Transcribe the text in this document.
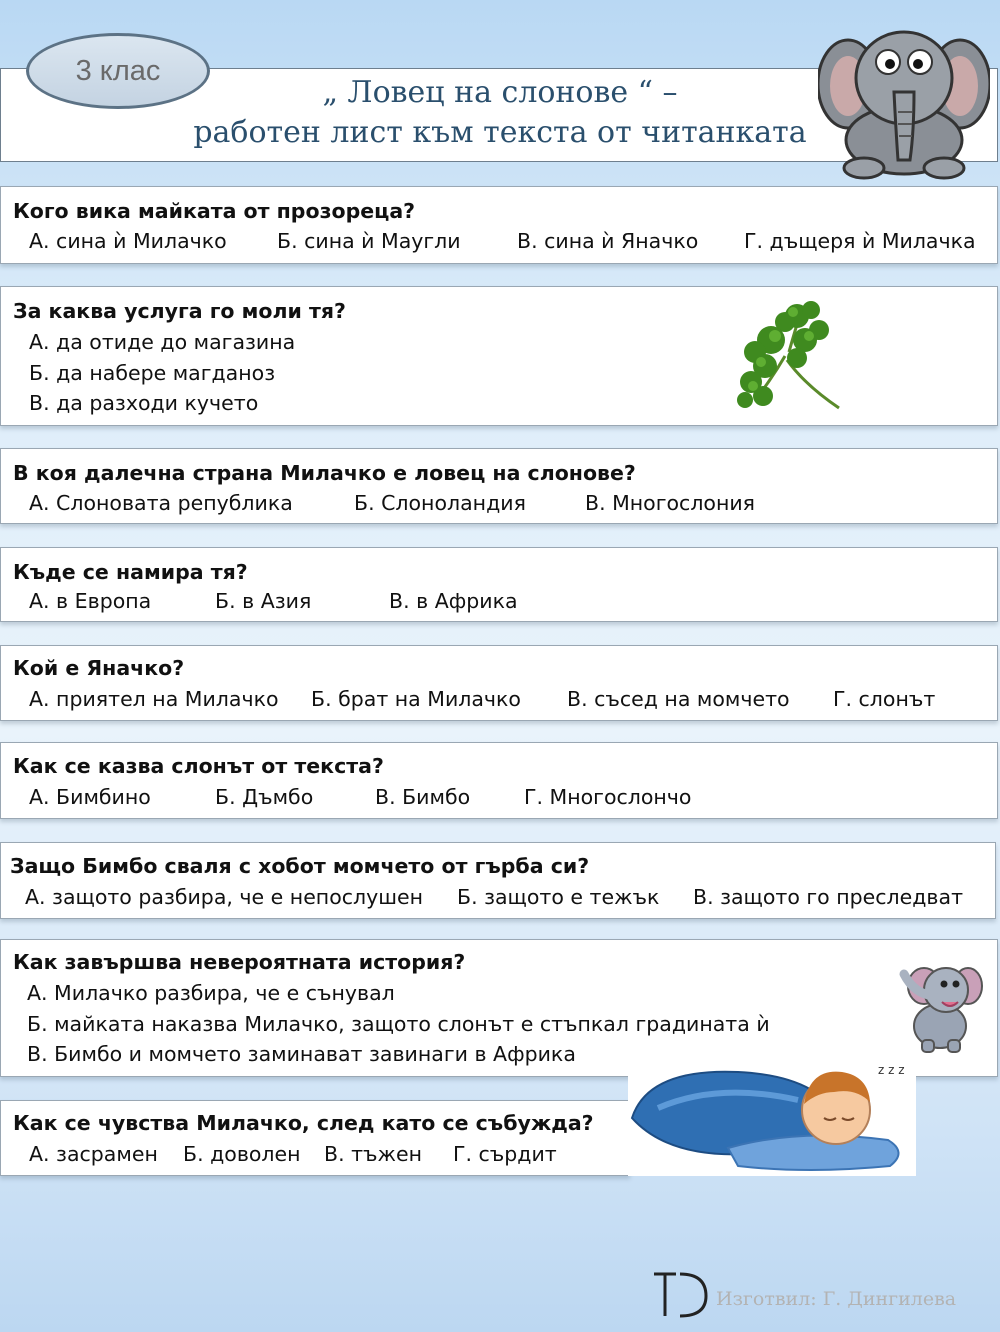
3 клас
„ Ловец на слонове “ –
работен лист към текста от читанката
Кого вика майката от прозореца?
А. сина ѝ Милачко Б. сина ѝ Маугли	В. сина ѝ Яначко Г. дъщеря ѝ Милачка
За каква услуга го моли тя?
А. да отиде до магазина
Б. да набере магданоз
В. да разходи кучето
В коя далечна страна Милачко е ловец на слонове?
А. Слоновата република	Б. Слоноландия	В. Многослония
Къде се намира тя?
А. в Европа	Б. в Азия	В. в Африка
Кой е Яначко?
А. приятел на Милачко Б. брат на Милачко В. съсед на момчето Г. слонът
Как се казва слонът от текста?
А. Бимбино	Б. Дъмбо	В. Бимбо	Г. Многослончо
Защо Бимбо сваля с хобот момчето от гърба си?
А. защото разбира, че е непослушен Б. защото е тежък В. защото го преследват
Как завършва невероятната история?
А. Милачко разбира, че е сънувал
Б. майката наказва Милачко, защото слонът е стъпкал градината ѝ
В. Бимбо и момчето заминават завинаги в Африка
Как се чувства Милачко, след като се събужда?
А. засрамен Б. доволен В. тъжен Г. сърдит
z z z
Изготвил: Г. Дингилева
